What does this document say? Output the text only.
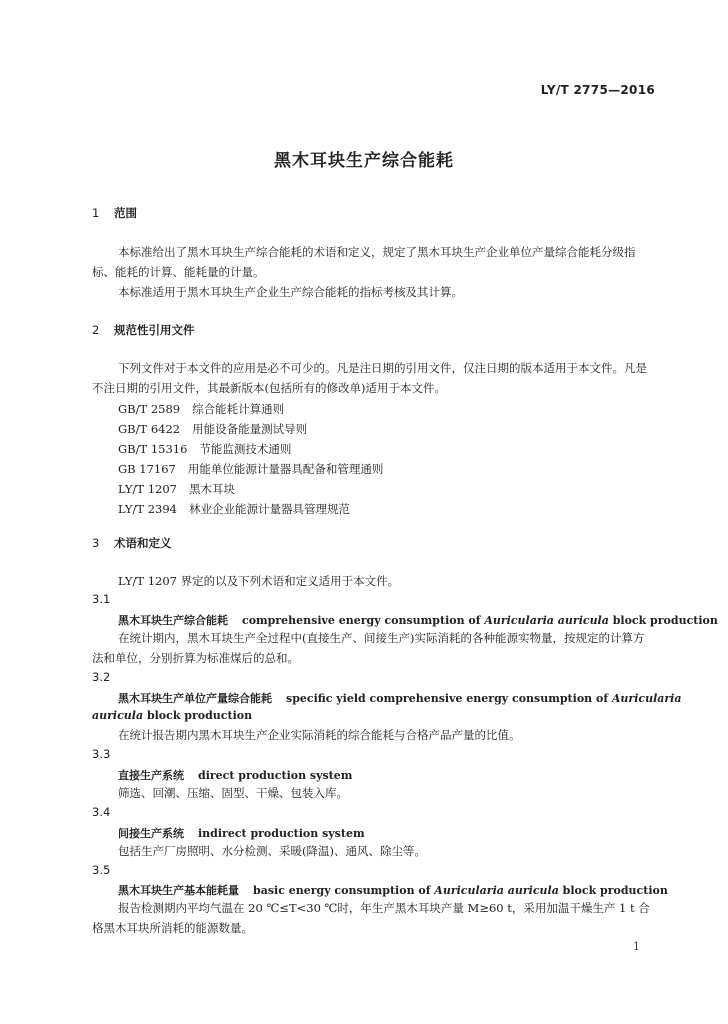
LY/T 2775—2016
黑木耳块生产综合能耗
1 范围
本标准给出了黑木耳块生产综合能耗的术语和定义，规定了黑木耳块生产企业单位产量综合能耗分级指标、能耗的计算、能耗量的计量。
本标准适用于黑木耳块生产企业生产综合能耗的指标考核及其计算。
2 规范性引用文件
下列文件对于本文件的应用是必不可少的。凡是注日期的引用文件，仅注日期的版本适用于本文件。凡是不注日期的引用文件，其最新版本(包括所有的修改单)适用于本文件。
GB/T 2589 综合能耗计算通则
GB/T 6422 用能设备能量测试导则
GB/T 15316 节能监测技术通则
GB 17167 用能单位能源计量器具配备和管理通则
LY/T 1207 黑木耳块
LY/T 2394 林业企业能源计量器具管理规范
3 术语和定义
LY/T 1207 界定的以及下列术语和定义适用于本文件。
3.1
黑木耳块生产综合能耗 comprehensive energy consumption of Auricularia auricula block production
在统计期内，黑木耳块生产全过程中(直接生产、间接生产)实际消耗的各种能源实物量，按规定的计算方法和单位，分别折算为标准煤后的总和。
3.2
黑木耳块生产单位产量综合能耗 specific yield comprehensive energy consumption of Auricularia
auricula block production
在统计报告期内黑木耳块生产企业实际消耗的综合能耗与合格产品产量的比值。
3.3
直接生产系统 direct production system
筛选、回潮、压缩、固型、干燥、包装入库。
3.4
间接生产系统 indirect production system
包括生产厂房照明、水分检测、采暖(降温)、通风、除尘等。
3.5
黑木耳块生产基本能耗量 basic energy consumption of Auricularia auricula block production
报告检测期内平均气温在 20 ℃≤T<30 ℃时，年生产黑木耳块产量 M≥60 t，采用加温干燥生产 1 t 合格黑木耳块所消耗的能源数量。
1
